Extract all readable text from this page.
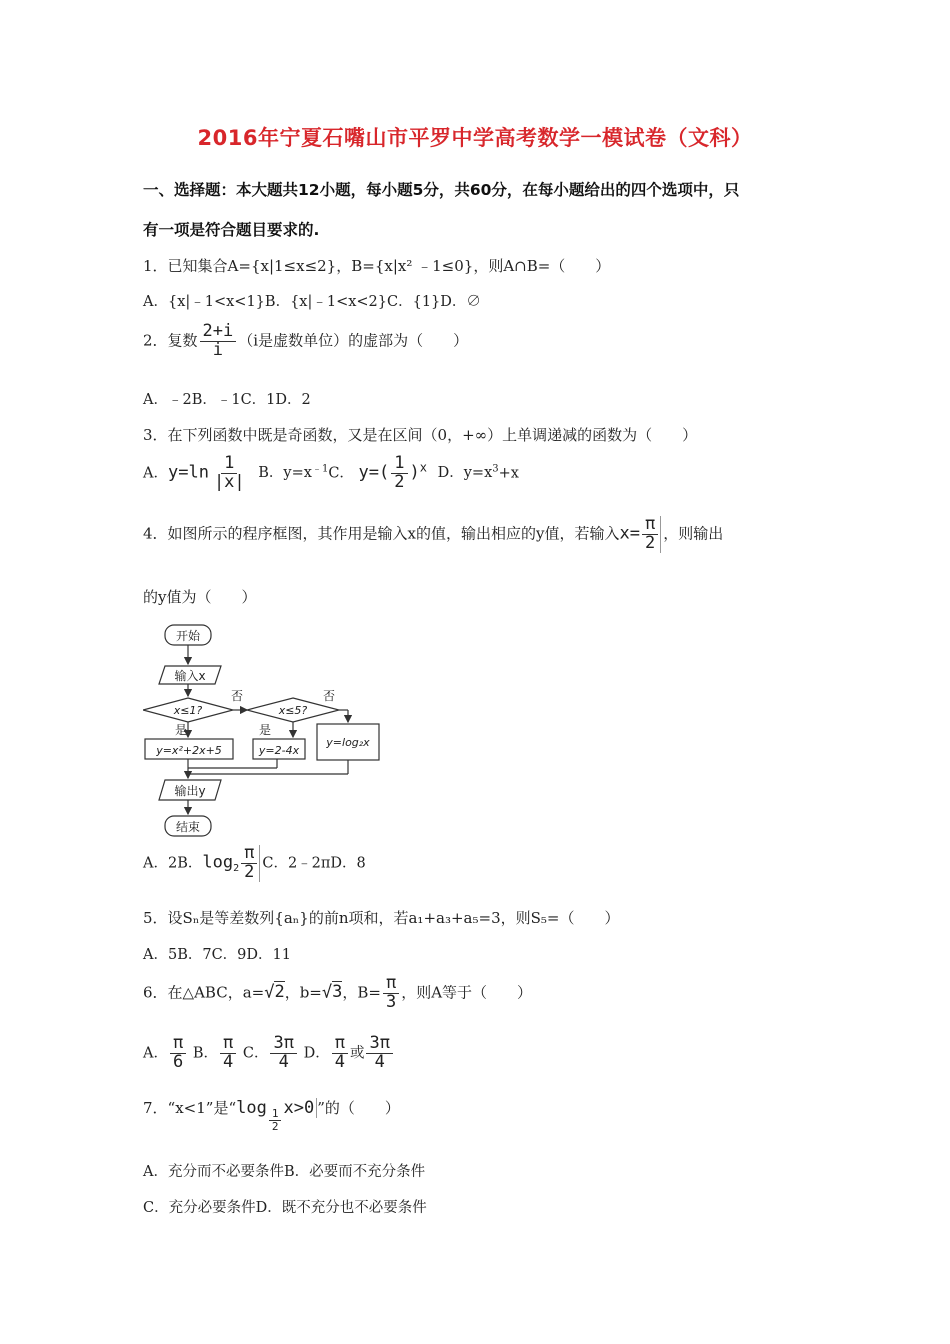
2016年宁夏石嘴山市平罗中学高考数学一模试卷（文科）
一、选择题：本大题共12小题，每小题5分，共60分，在每小题给出的四个选项中，只
有一项是符合题目要求的.
1．已知集合A={x|1≤x≤2}，B={x|x² ﹣1≤0}，则A∩B=（　　）
A．{x|﹣1<x<1}B．{x|﹣1<x<2}C．{1}D．∅
2．复数 $\frac{2+i}{i} (i$是虚数单位）的虚部为（　　）
A．﹣2B．﹣1C．1D．2
3．在下列函数中既是奇函数，又是在区间（0，+∞）上单调递减的函数为（　　）
A．$y=\ln \frac{1}{|x|}$ B．$y=x^{﹣1}C$． $y=( \frac{1}{2} )^x$ D．$y=x^3+x$
4．如图所示的程序框图，其作用是输入x的值，输出相应的y值，若输入$x= \frac{\pi}{2}$ ，则输出
的y值为（　　）
开始
输入x
x≤1?	x≤5?
否	否
是	是
y=x²+2x+5	y=2-4x
y=log₂x
输出y
结束
A．2B．$\log_2 \frac{\pi}{2}$ C．2﹣2πD．8
5．设Sₙ是等差数列{aₙ}的前n项和，若a₁+a₃+a₅=3，则S₅=（　　）
A．5B．7C．9D．11
6．在△ABC，a=√2，b=√3，$B= \frac{\pi}{3}$ ，则A等于（　　）
A． $\frac{\pi}{6}$ B． $\frac{\pi}{4}$ C． $\frac{3\pi}{4}$ D． $\frac{\pi}{4}$ 或 $\frac{3\pi}{4}$
7．“x<1”是“log
$\frac{1}{2}$
x>0 ”的（　　）
A．充分而不必要条件B．必要而不充分条件
C．充分必要条件D．既不充分也不必要条件
